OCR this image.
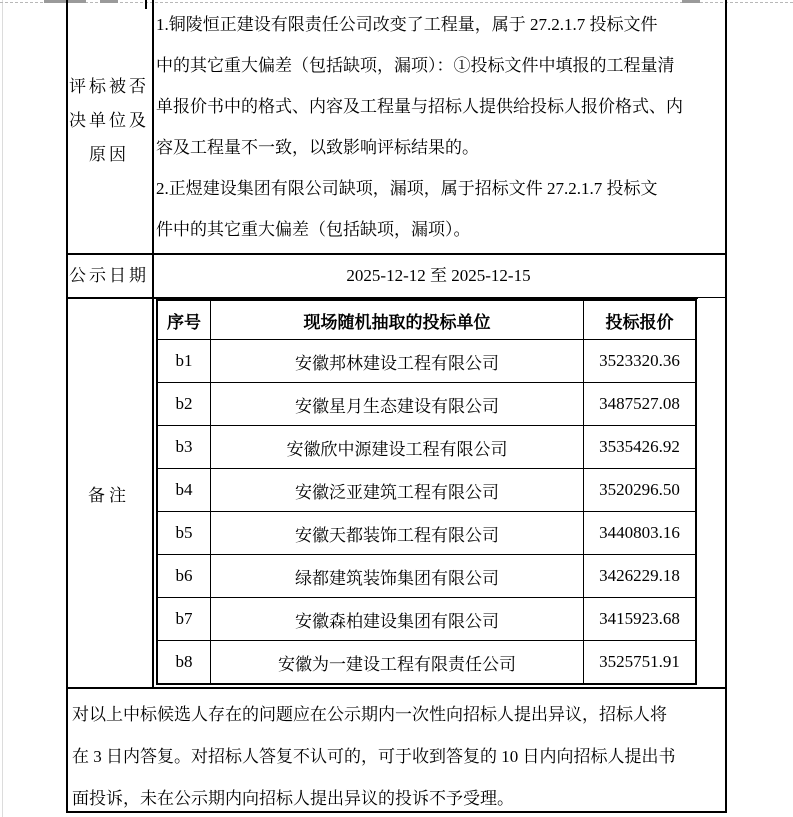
评标被否
决单位及
原因
1.铜陵恒正建设有限责任公司改变了工程量，属于 27.2.1.7 投标文件
中的其它重大偏差（包括缺项，漏项）：①投标文件中填报的工程量清
单报价书中的格式、内容及工程量与招标人提供给投标人报价格式、内
容及工程量不一致，以致影响评标结果的。
2.正煜建设集团有限公司缺项，漏项，属于招标文件 27.2.1.7 投标文
件中的其它重大偏差（包括缺项，漏项）。
公示日期	2025-12-12 至 2025-12-15
备注
序号	现场随机抽取的投标单位	投标报价
b1	安徽邦林建设工程有限公司	3523320.36
b2	安徽星月生态建设有限公司	3487527.08
b3	安徽欣中源建设工程有限公司	3535426.92
b4	安徽泛亚建筑工程有限公司	3520296.50
b5	安徽天都装饰工程有限公司	3440803.16
b6	绿都建筑装饰集团有限公司	3426229.18
b7	安徽森柏建设集团有限公司	3415923.68
b8	安徽为一建设工程有限责任公司	3525751.91
对以上中标候选人存在的问题应在公示期内一次性向招标人提出异议，招标人将
在 3 日内答复。对招标人答复不认可的，可于收到答复的 10 日内向招标人提出书
面投诉，未在公示期内向招标人提出异议的投诉不予受理。
